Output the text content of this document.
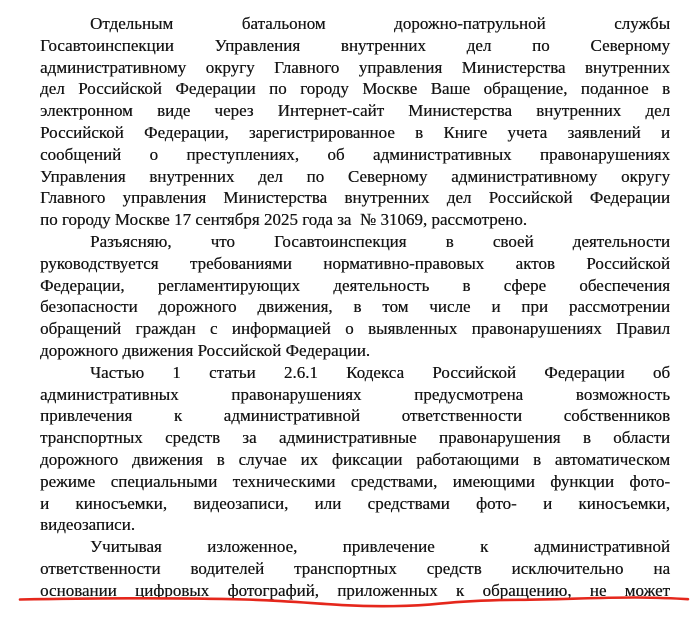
Отдельным батальоном дорожно-патрульной службы
Госавтоинспекции Управления внутренних дел по Северному
административному округу Главного управления Министерства внутренних
дел Российской Федерации по городу Москве Ваше обращение, поданное в
электронном виде через Интернет-сайт Министерства внутренних дел
Российской Федерации, зарегистрированное в Книге учета заявлений и
сообщений о преступлениях, об административных правонарушениях
Управления внутренних дел по Северному административному округу
Главного управления Министерства внутренних дел Российской Федерации
по городу Москве 17 сентября 2025 года за  № 31069, рассмотрено.
Разъясняю, что Госавтоинспекция в своей деятельности
руководствуется требованиями нормативно-правовых актов Российской
Федерации, регламентирующих деятельность в сфере обеспечения
безопасности дорожного движения, в том числе и при рассмотрении
обращений граждан с информацией о выявленных правонарушениях Правил
дорожного движения Российской Федерации.
Частью 1 статьи 2.6.1 Кодекса Российской Федерации об
административных правонарушениях предусмотрена возможность
привлечения к административной ответственности собственников
транспортных средств за административные правонарушения в области
дорожного движения в случае их фиксации работающими в автоматическом
режиме специальными техническими средствами, имеющими функции фото-
и киносъемки, видеозаписи, или средствами фото- и киносъемки,
видеозаписи.
Учитывая изложенное, привлечение к административной
ответственности водителей транспортных средств исключительно на
основании цифровых фотографий, приложенных к обращению, не может
